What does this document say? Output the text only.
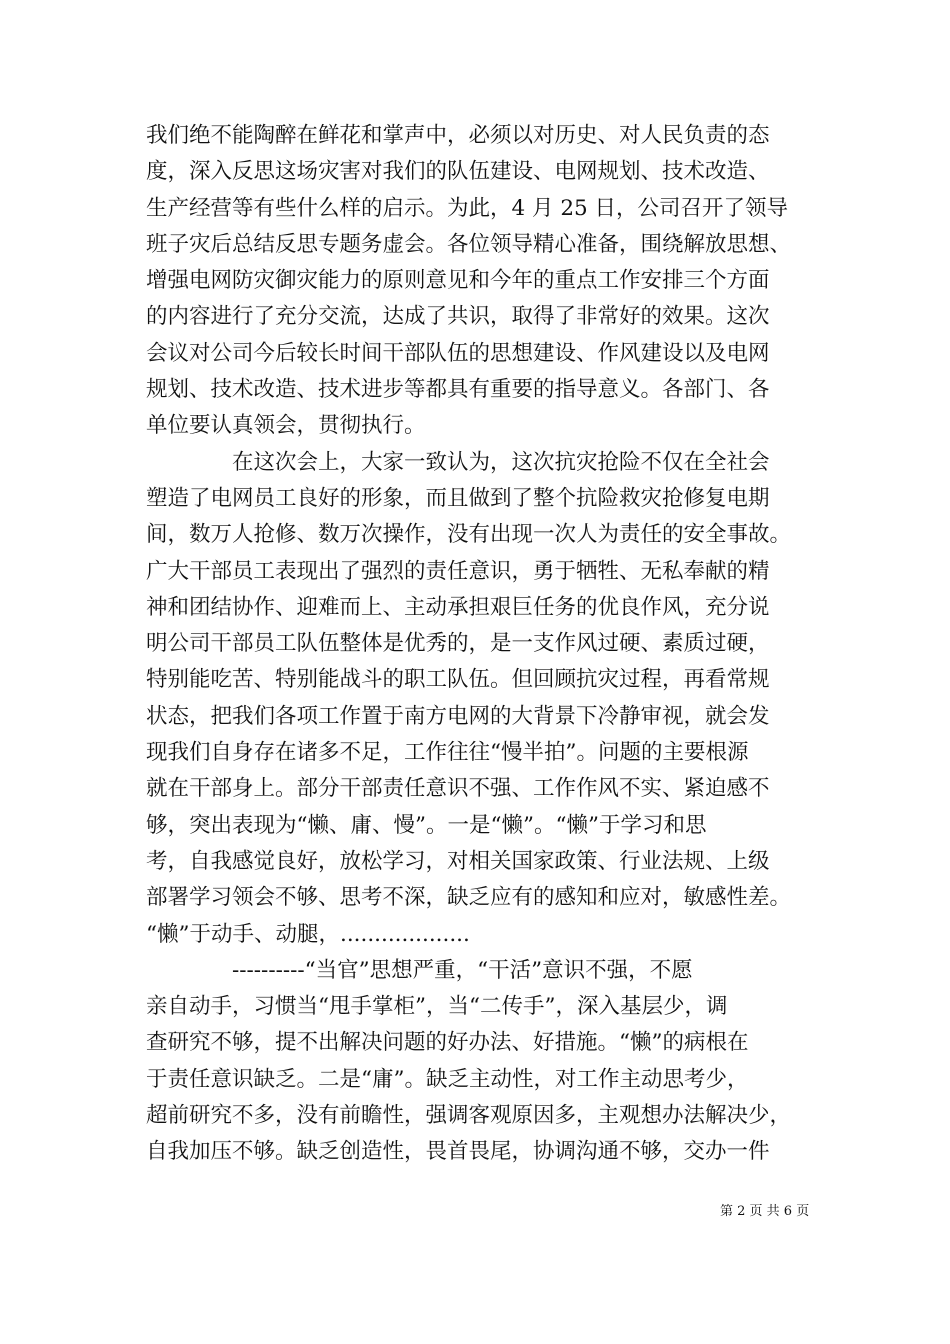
我们绝不能陶醉在鲜花和掌声中，必须以对历史、对人民负责的态
度，深入反思这场灾害对我们的队伍建设、电网规划、技术改造、
生产经营等有些什么样的启示。为此，4 月 25 日，公司召开了领导
班子灾后总结反思专题务虚会。各位领导精心准备，围绕解放思想、
增强电网防灾御灾能力的原则意见和今年的重点工作安排三个方面
的内容进行了充分交流，达成了共识，取得了非常好的效果。这次
会议对公司今后较长时间干部队伍的思想建设、作风建设以及电网
规划、技术改造、技术进步等都具有重要的指导意义。各部门、各
单位要认真领会，贯彻执行。
　　　　在这次会上，大家一致认为，这次抗灾抢险不仅在全社会
塑造了电网员工良好的形象，而且做到了整个抗险救灾抢修复电期
间，数万人抢修、数万次操作，没有出现一次人为责任的安全事故。
广大干部员工表现出了强烈的责任意识，勇于牺牲、无私奉献的精
神和团结协作、迎难而上、主动承担艰巨任务的优良作风，充分说
明公司干部员工队伍整体是优秀的，是一支作风过硬、素质过硬，
特别能吃苦、特别能战斗的职工队伍。但回顾抗灾过程，再看常规
状态，把我们各项工作置于南方电网的大背景下冷静审视，就会发
现我们自身存在诸多不足，工作往往“慢半拍”。问题的主要根源
就在干部身上。部分干部责任意识不强、工作作风不实、紧迫感不
够，突出表现为“懒、庸、慢”。一是“懒”。“懒”于学习和思
考，自我感觉良好，放松学习，对相关国家政策、行业法规、上级
部署学习领会不够、思考不深，缺乏应有的感知和应对，敏感性差。
“懒”于动手、动腿，...................
　　　　----------“当官”思想严重，“干活”意识不强，不愿
亲自动手，习惯当“甩手掌柜”，当“二传手”，深入基层少，调
查研究不够，提不出解决问题的好办法、好措施。“懒”的病根在
于责任意识缺乏。二是“庸”。缺乏主动性，对工作主动思考少，
超前研究不多，没有前瞻性，强调客观原因多，主观想办法解决少，
自我加压不够。缺乏创造性，畏首畏尾，协调沟通不够，交办一件
第 2 页 共 6 页
